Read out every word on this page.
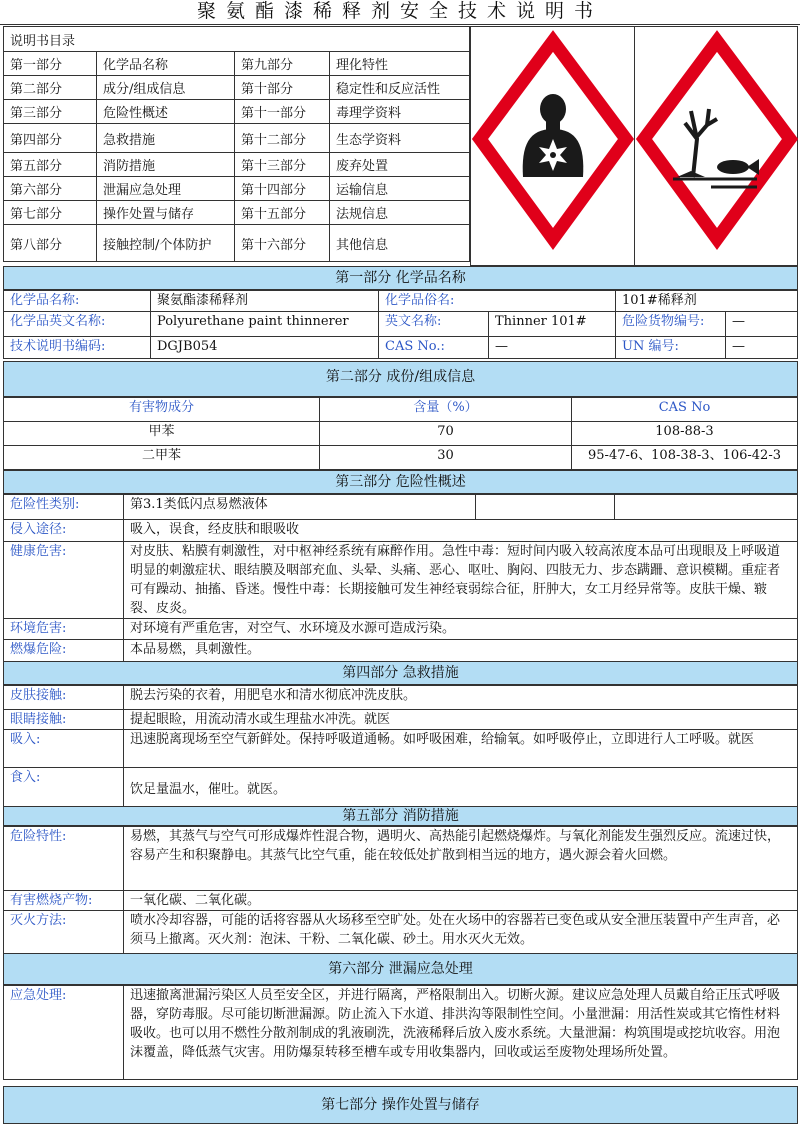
聚氨酯漆稀释剂安全技术说明书
说明书目录			
第一部分	化学品名称	第九部分	理化特性
第二部分	成分/组成信息	第十部分	稳定性和反应活性
第三部分	危险性概述	第十一部分	毒理学资料
第四部分	急救措施	第十二部分	生态学资料
第五部分	消防措施	第十三部分	废弃处置
第六部分	泄漏应急处理	第十四部分	运输信息
第七部分	操作处置与储存	第十五部分	法规信息
第八部分	接触控制/个体防护	第十六部分	其他信息
第一部分 化学品名称
化学品名称:	聚氨酯漆稀释剂	化学品俗名:		101#稀释剂	
化学品英文名称:	Polyurethane paint thinnerer	英文名称:	Thinner 101#	危险货物编号:	—
技术说明书编码:	DGJB054	CAS No.:	—	UN 编号:	—
第二部分 成份/组成信息
有害物成分	含量（%）	CAS No
甲苯	70	108-88-3
二甲苯	30	95-47-6、108-38-3、106-42-3
第三部分 危险性概述
危险性类别:	第3.1类低闪点易燃液体		
侵入途径:	吸入，误食，经皮肤和眼吸收		
健康危害:	对皮肤、粘膜有刺激性，对中枢神经系统有麻醉作用。急性中毒：短时间内吸入较高浓度本品可出现眼及上呼吸道明显的刺激症状、眼结膜及咽部充血、头晕、头痛、恶心、呕吐、胸闷、四肢无力、步态蹒跚、意识模糊。重症者可有躁动、抽搐、昏迷。慢性中毒：长期接触可发生神经衰弱综合征，肝肿大，女工月经异常等。皮肤干燥、皲裂、皮炎。		
环境危害:	对环境有严重危害，对空气、水环境及水源可造成污染。		
燃爆危险:	本品易燃，具刺激性。		
第四部分 急救措施
皮肤接触:	脱去污染的衣着，用肥皂水和清水彻底冲洗皮肤。
眼睛接触:	提起眼睑，用流动清水或生理盐水冲洗。就医
吸入:	迅速脱离现场至空气新鲜处。保持呼吸道通畅。如呼吸困难，给输氧。如呼吸停止，立即进行人工呼吸。就医
食入:	饮足量温水，催吐。就医。
第五部分 消防措施
危险特性:	易燃，其蒸气与空气可形成爆炸性混合物，遇明火、高热能引起燃烧爆炸。与氧化剂能发生强烈反应。流速过快，容易产生和积聚静电。其蒸气比空气重，能在较低处扩散到相当远的地方，遇火源会着火回燃。
有害燃烧产物:	一氧化碳、二氧化碳。
灭火方法:	喷水冷却容器，可能的话将容器从火场移至空旷处。处在火场中的容器若已变色或从安全泄压装置中产生声音，必须马上撤离。灭火剂：泡沫、干粉、二氧化碳、砂土。用水灭火无效。
第六部分 泄漏应急处理
应急处理:	迅速撤离泄漏污染区人员至安全区，并进行隔离，严格限制出入。切断火源。建议应急处理人员戴自给正压式呼吸器，穿防毒服。尽可能切断泄漏源。防止流入下水道、排洪沟等限制性空间。小量泄漏：用活性炭或其它惰性材料吸收。也可以用不燃性分散剂制成的乳液刷洗，洗液稀释后放入废水系统。大量泄漏：构筑围堤或挖坑收容。用泡沫覆盖，降低蒸气灾害。用防爆泵转移至槽车或专用收集器内，回收或运至废物处理场所处置。
第七部分 操作处置与储存
